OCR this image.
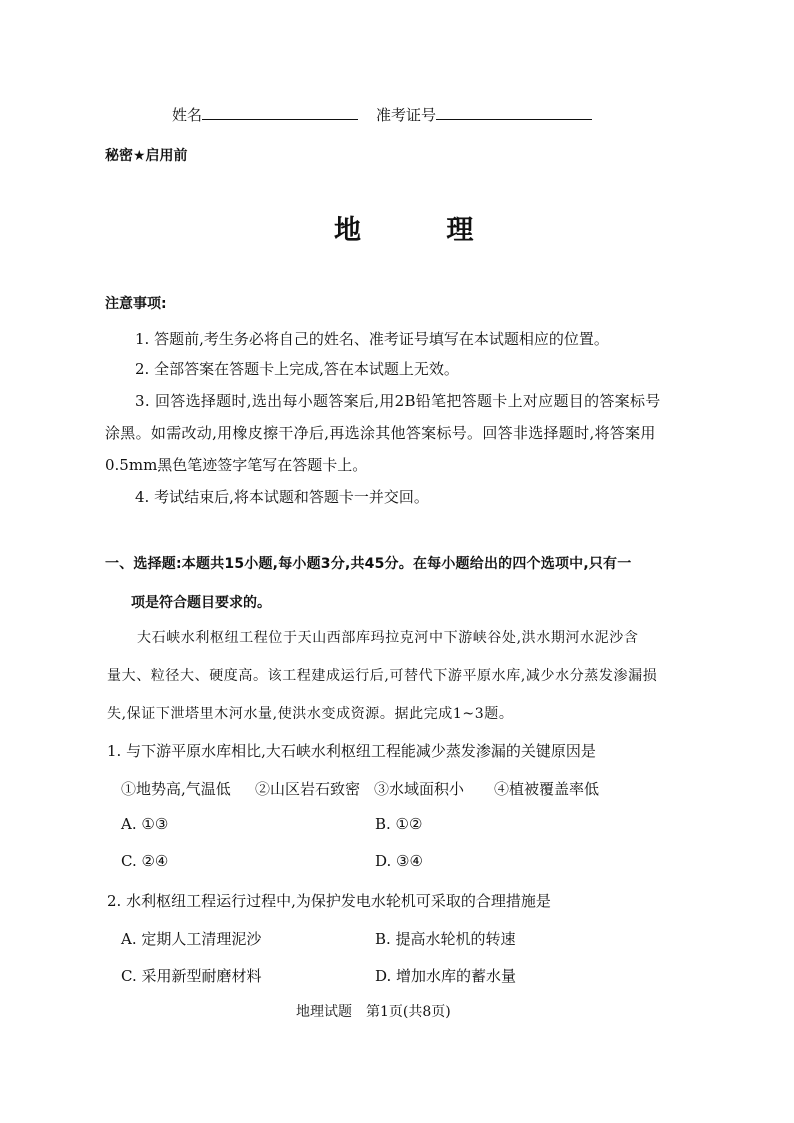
姓名	准考证号
秘密★启用前
地 理
注意事项:
1. 答题前,考生务必将自己的姓名、准考证号填写在本试题相应的位置。
2. 全部答案在答题卡上完成,答在本试题上无效。
3. 回答选择题时,选出每小题答案后,用2B铅笔把答题卡上对应题目的答案标号
涂黑。如需改动,用橡皮擦干净后,再选涂其他答案标号。回答非选择题时,将答案用
0.5mm黑色笔迹签字笔写在答题卡上。
4. 考试结束后,将本试题和答题卡一并交回。
一、选择题:本题共15小题,每小题3分,共45分。在每小题给出的四个选项中,只有一
项是符合题目要求的。
大石峡水利枢纽工程位于天山西部库玛拉克河中下游峡谷处,洪水期河水泥沙含
量大、粒径大、硬度高。该工程建成运行后,可替代下游平原水库,减少水分蒸发渗漏损
失,保证下泄塔里木河水量,使洪水变成资源。据此完成1~3题。
1. 与下游平原水库相比,大石峡水利枢纽工程能减少蒸发渗漏的关键原因是
①地势高,气温低 ②山区岩石致密 ③水域面积小 ④植被覆盖率低
A. ①③	B. ①②
C. ②④	D. ③④
2. 水利枢纽工程运行过程中,为保护发电水轮机可采取的合理措施是
A. 定期人工清理泥沙	B. 提高水轮机的转速
C. 采用新型耐磨材料	D. 增加水库的蓄水量
地理试题　第1页(共8页)
